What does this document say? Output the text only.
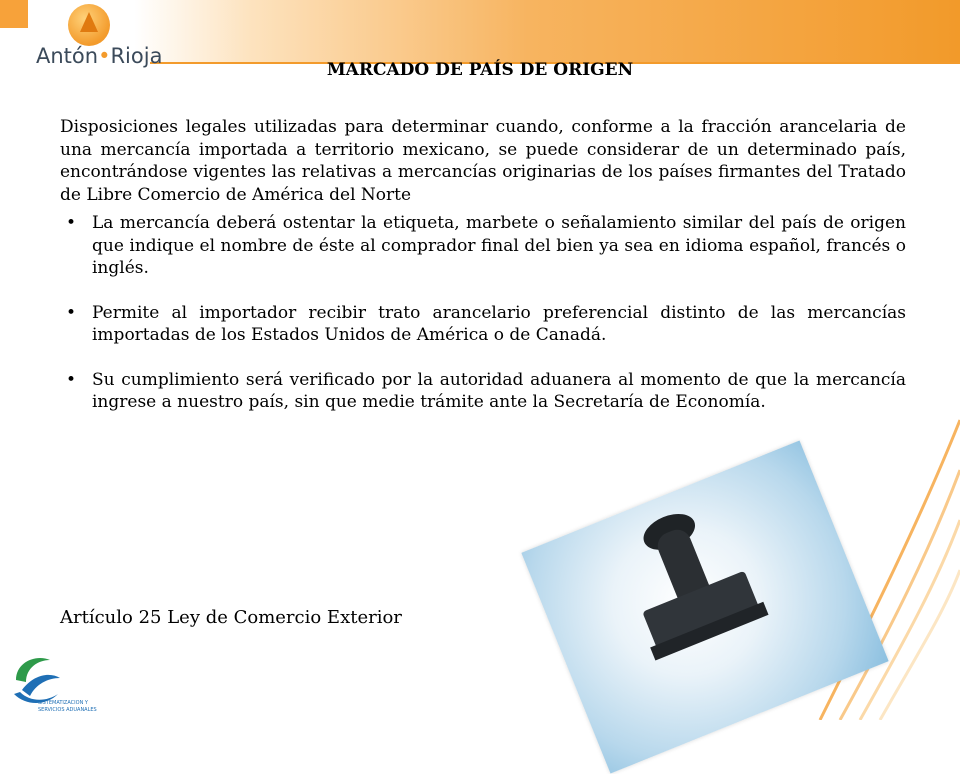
Antón•Rioja
MARCADO DE PAÍS DE ORIGEN
Disposiciones legales utilizadas para determinar cuando, conforme a la fracción arancelaria de una mercancía importada a territorio mexicano, se puede considerar de un determinado país, encontrándose vigentes las relativas a mercancías originarias de los países firmantes del Tratado de Libre Comercio de América del Norte
• La mercancía deberá ostentar la etiqueta, marbete o señalamiento similar del país de origen que indique el nombre de éste al comprador final del bien ya sea en idioma español, francés o inglés.
• Permite al importador recibir trato arancelario preferencial distinto de las mercancías importadas de los Estados Unidos de América o de Canadá.
• Su cumplimiento será verificado por la autoridad aduanera al momento de que la mercancía ingrese a nuestro país, sin que medie trámite ante la Secretaría de Economía.
Artículo 25 Ley de Comercio Exterior
SISTEMATIZACION Y
SERVICIOS ADUANALES
